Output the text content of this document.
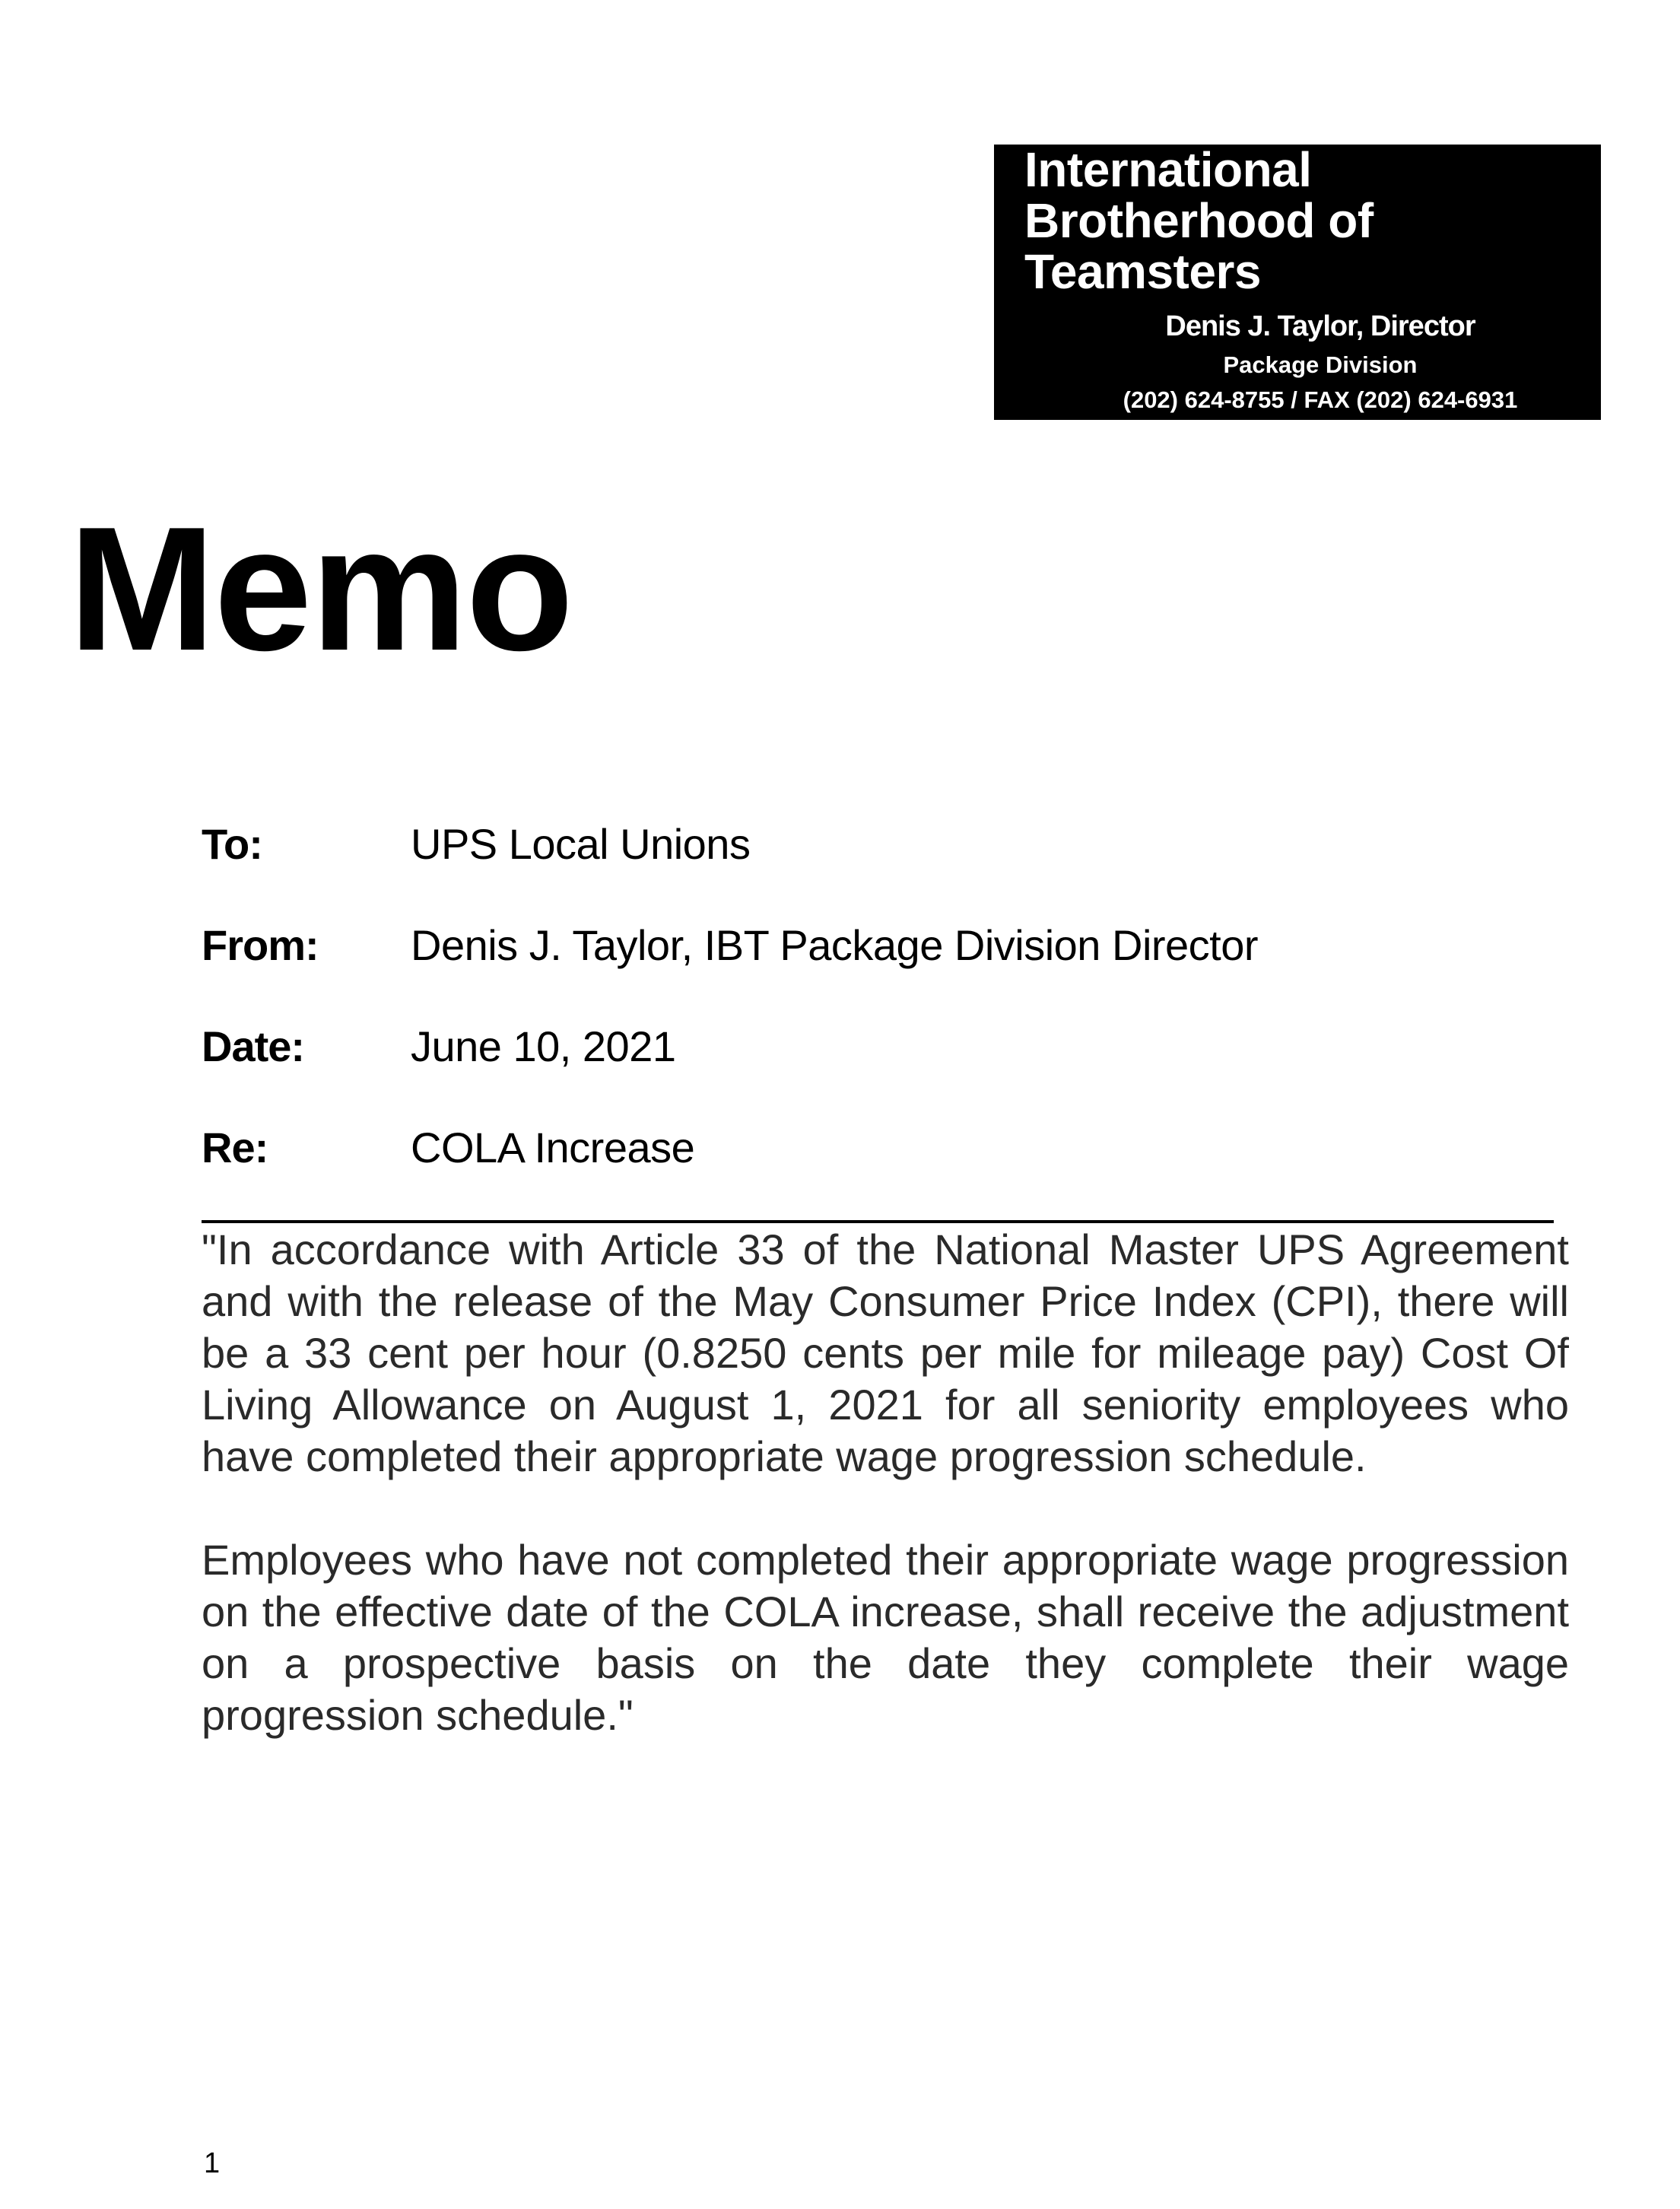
International
Brotherhood of
Teamsters
Denis J. Taylor, Director
Package Division
(202) 624-8755 / FAX (202) 624-6931
Memo
To:	UPS Local Unions
From: Denis J. Taylor, IBT Package Division Director
Date: June 10, 2021
Re:	COLA Increase

"In accordance with Article 33 of the National Master UPS Agreement and with the release of the May Consumer Price Index (CPI), there will be a 33 cent per hour (0.8250 cents per mile for mileage pay) Cost Of Living Allowance on August 1, 2021 for all seniority employees who have completed their appropriate wage progression schedule.

Employees who have not completed their appropriate wage progression on the effective date of the COLA increase, shall receive the adjustment on a prospective basis on the date they complete their wage progression schedule."

1
